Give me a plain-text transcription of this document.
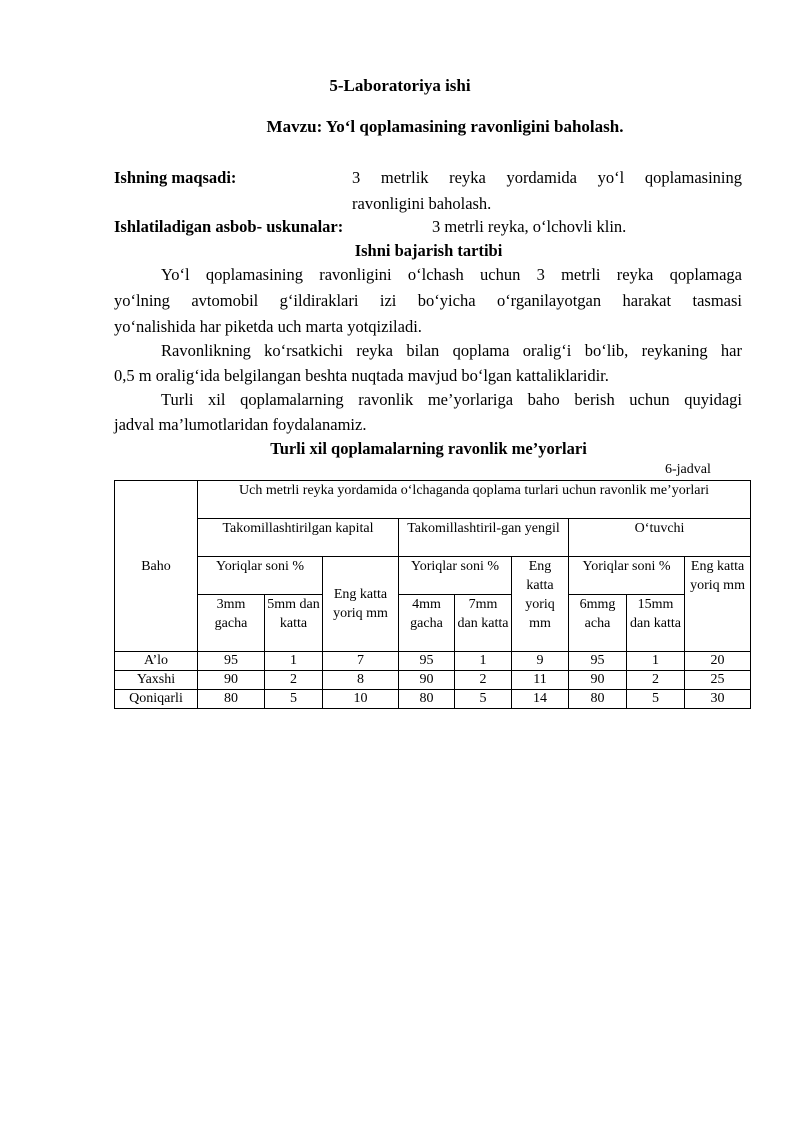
5-Laboratoriya ishi
Mavzu: Yo‘l qoplamasining ravonligini baholash.
Ishning maqsadi:	3 metrlik reyka yordamida yo‘l qoplamasining
ravonligini baholash.
Ishlatiladigan asbob- uskunalar:	3 metrli reyka, o‘lchovli klin.
Ishni bajarish tartibi
Yo‘l qoplamasining ravonligini o‘lchash uchun 3 metrli reyka qoplamaga
yo‘lning avtomobil g‘ildiraklari izi bo‘yicha o‘rganilayotgan harakat tasmasi
yo‘nalishida har piketda uch marta yotqiziladi.
Ravonlikning ko‘rsatkichi reyka bilan qoplama oralig‘i bo‘lib, reykaning har
0,5 m oralig‘ida belgilangan beshta nuqtada mavjud bo‘lgan kattaliklaridir.
Turli xil qoplamalarning ravonlik me’yorlariga baho berish uchun quyidagi
jadval ma’lumotlaridan foydalanamiz.
Turli xil qoplamalarning ravonlik me’yorlari
6-jadval
Baho	Uch metrli reyka yordamida o‘lchaganda qoplama turlari uchun ravonlik me’yorlari								
	Takomillashtirilgan kapital			Takomillashtiril-gan yengil			O‘tuvchi		
	Yoriqlar soni %		Eng katta yoriq mm	Yoriqlar soni %		Eng katta yoriq mm	Yoriqlar soni %		Eng katta yoriq mm
	3mm gacha	5mm dan katta		4mm gacha	7mm dan katta		6mmg acha	15mm dan katta	
A’lo	95	1	7	95	1	9	95	1	20
Yaxshi	90	2	8	90	2	11	90	2	25
Qoniqarli	80	5	10	80	5	14	80	5	30
